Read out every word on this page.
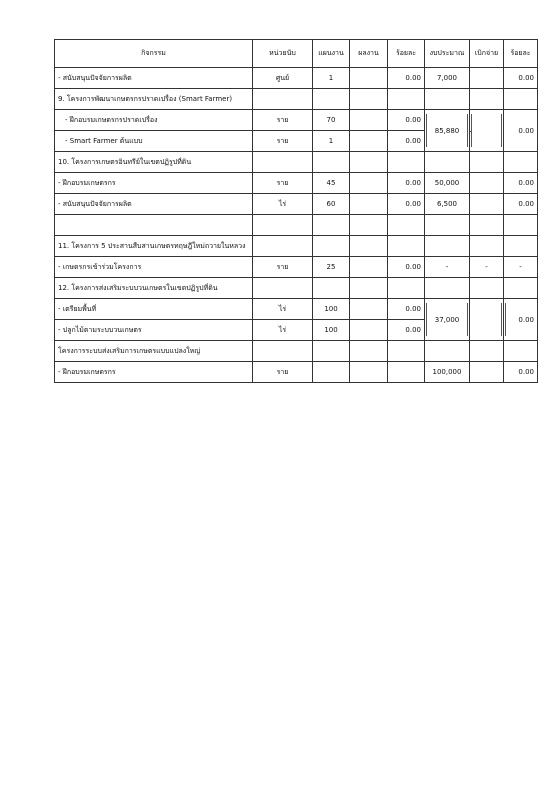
กิจกรรม	หน่วยนับ	แผนงาน	ผลงาน	ร้อยละ	งบประมาณ	เบิกจ่าย	ร้อยละ
- สนับสนุนปัจจัยการผลิต	ศูนย์	1		0.00	7,000		0.00
9. โครงการพัฒนาเกษตรกรปราดเปรื่อง (Smart Farmer)							
- ฝึกอบรมเกษตรกรปราดเปรื่อง	ราย	70		0.00	85,880		0.00
- Smart Farmer ต้นแบบ	ราย	1		0.00			
10. โครงการเกษตรอินทรีย์ในเขตปฏิรูปที่ดิน							
- ฝึกอบรมเกษตรกร	ราย	45		0.00	50,000		0.00
- สนับสนุนปัจจัยการผลิต	ไร่	60		0.00	6,500		0.00

11. โครงการ 5 ประสานสืบสานเกษตรทฤษฎีใหม่ถวายในหลวง							
- เกษตรกรเข้าร่วมโครงการ	ราย	25		0.00	-	-	-
12. โครงการส่งเสริมระบบวนเกษตรในเขตปฏิรูปที่ดิน							
- เตรียมพื้นที่	ไร่	100		0.00	37,000		0.00
- ปลูกไม้ตามระบบวนเกษตร	ไร่	100		0.00			
โครงการระบบส่งเสริมการเกษตรแบบแปลงใหญ่							
- ฝึกอบรมเกษตรกร	ราย				100,000		0.00
